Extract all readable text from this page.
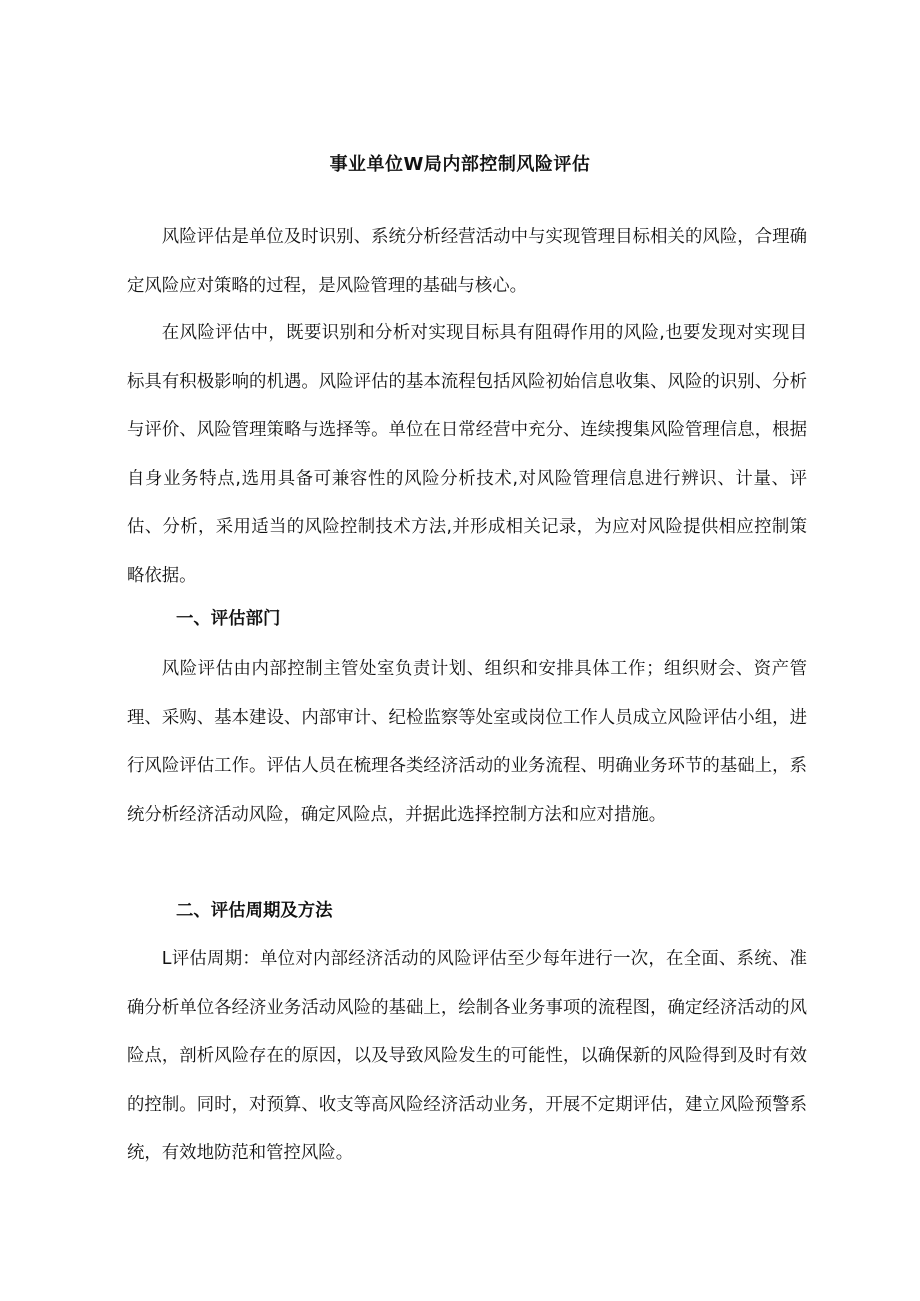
事业单位W局内部控制风险评估

风险评估是单位及时识别、系统分析经营活动中与实现管理目标相关的风险，合理确定风险应对策略的过程，是风险管理的基础与核心。

在风险评估中，既要识别和分析对实现目标具有阻碍作用的风险,也要发现对实现目标具有积极影响的机遇。风险评估的基本流程包括风险初始信息收集、风险的识别、分析与评价、风险管理策略与选择等。单位在日常经营中充分、连续搜集风险管理信息，根据自身业务特点,选用具备可兼容性的风险分析技术,对风险管理信息进行辨识、计量、评估、分析，采用适当的风险控制技术方法,并形成相关记录，为应对风险提供相应控制策略依据。

一、评估部门

风险评估由内部控制主管处室负责计划、组织和安排具体工作；组织财会、资产管理、采购、基本建设、内部审计、纪检监察等处室或岗位工作人员成立风险评估小组，进行风险评估工作。评估人员在梳理各类经济活动的业务流程、明确业务环节的基础上，系统分析经济活动风险，确定风险点，并据此选择控制方法和应对措施。

二、评估周期及方法

L评估周期：单位对内部经济活动的风险评估至少每年进行一次，在全面、系统、准确分析单位各经济业务活动风险的基础上，绘制各业务事项的流程图，确定经济活动的风险点，剖析风险存在的原因，以及导致风险发生的可能性，以确保新的风险得到及时有效的控制。同时，对预算、收支等高风险经济活动业务，开展不定期评估，建立风险预警系统，有效地防范和管控风险。
